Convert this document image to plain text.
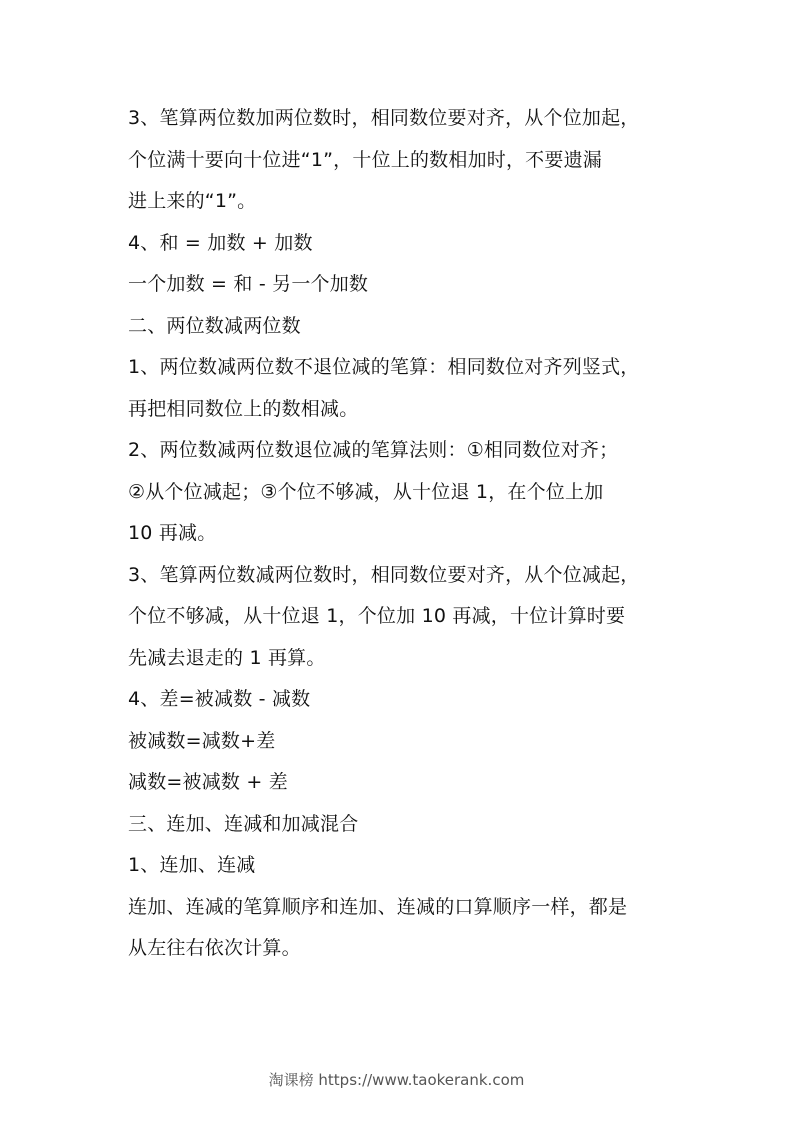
3、笔算两位数加两位数时，相同数位要对齐，从个位加起，
个位满十要向十位进“1”，十位上的数相加时，不要遗漏
进上来的“1”。
4、和 = 加数 + 加数
一个加数 = 和 - 另一个加数
二、两位数减两位数
1、两位数减两位数不退位减的笔算：相同数位对齐列竖式，
再把相同数位上的数相减。
2、两位数减两位数退位减的笔算法则：①相同数位对齐；
②从个位减起；③个位不够减，从十位退 1，在个位上加
10 再减。
3、笔算两位数减两位数时，相同数位要对齐，从个位减起，
个位不够减，从十位退 1，个位加 10 再减，十位计算时要
先减去退走的 1 再算。
4、差=被减数 - 减数
被减数=减数+差
减数=被减数 + 差
三、连加、连减和加减混合
1、连加、连减
连加、连减的笔算顺序和连加、连减的口算顺序一样，都是
从左往右依次计算。
淘课榜 https://www.taokerank.com
